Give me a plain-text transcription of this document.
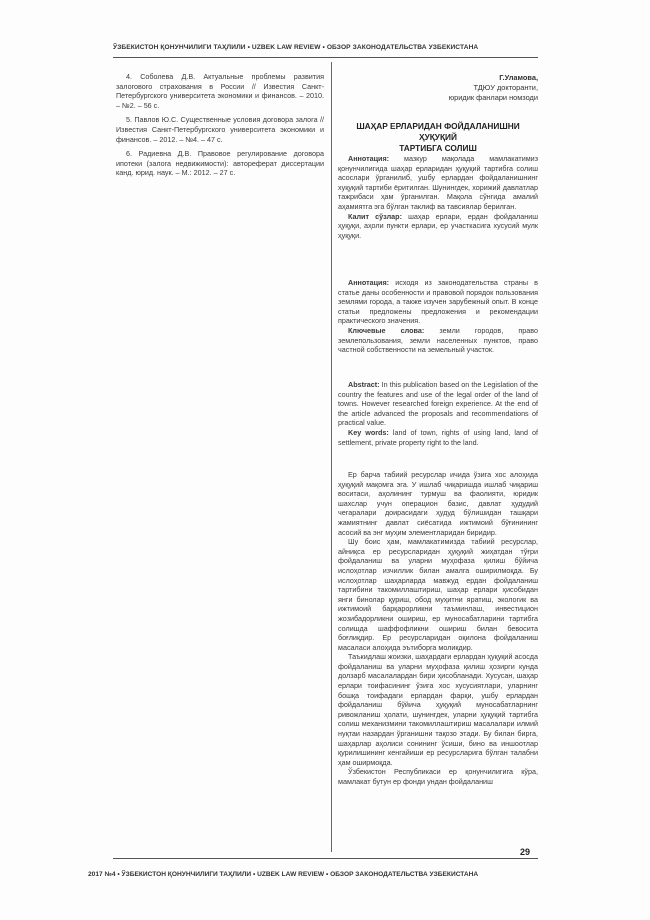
ЎЗБЕКИСТОН ҚОНУНЧИЛИГИ ТАҲЛИЛИ • UZBEK LAW REVIEW • ОБЗОР ЗАКОНОДАТЕЛЬСТВА УЗБЕКИСТАНА

4. Соболева Д.В. Актуальные проблемы развития залогового страхования в России // Известия Санкт-Петербургского университета экономики и финансов. – 2010. – №2. – 56 с.

5. Павлов Ю.С. Существенные условия договора залога // Известия Санкт-Петербургского университета экономики и финансов. – 2012. – №4. – 47 с.

6. Радиевна Д.В. Правовое регулирование договора ипотеки (залога недвижимости): автореферат диссертации канд. юрид. наук. – М.: 2012. – 27 с.

Г.Уламова,
ТДЮУ докторанти,
юридик фанлари номзоди
ШАҲАР ЕРЛАРИДАН ФОЙДАЛАНИШНИ ҲУҚУҚИЙ
ТАРТИБГА СОЛИШ

Аннотация: мазкур мақолада мамлакатимиз қонунчилигида шаҳар ерларидан ҳуқуқий тартибга солиш асослари ўрганилиб, ушбу ерлардан фойдаланишнинг хуқуқий тартиби ёритилган. Шунингдек, хорижий давлатлар тажрибаси ҳам ўрганилган. Мақола сўнгида амалий аҳамиятга эга бўлган таклиф ва тавсиялар берилган.

Калит сўзлар: шаҳар ерлари, ердан фойдаланиш ҳуқуқи, аҳоли пункти ерлари, ер участкасига хусусий мулк ҳуқуқи.

Аннотация: исходя из законодательства страны в статье даны особенности и правовой порядок пользования землями города, а также изучен зарубежный опыт. В конце статьи предложены предложения и рекомендации практического значения.

Ключевые слова: земли городов, право землепользования, земли населенных пунктов, право частной собственности на земельный участок.

Abstract: In this publication based on the Legislation of the country the features and use of the legal order of the land of towns. However researched foreign experience. At the end of the article advanced the proposals and recommendations of practical value.

Key words: land of town, rights of using land, land of settlement, private property right to the land.

Ер барча табиий ресурслар ичида ўзига хос алоҳида ҳуқуқий мақомга эга. У ишлаб чиқаришда ишлаб чиқариш воситаси, аҳолининг турмуш ва фаолияти, юридик шахслар учун операцион базис, давлат ҳудудий чегаралари доирасидаги ҳудуд бўлишидан ташқари жамиятнинг давлат сиёсатида ижтимоий бўғинининг асосий ва энг муҳим элементларидан биридир.

Шу боис ҳам, мамлакатимизда табиий ресурслар, айниқса ер ресурсларидан ҳуқуқий жиҳатдан тўғри фойдаланиш ва уларни муҳофаза қилиш бўйича ислоҳотлар изчиллик билан амалга оширилмоқда. Бу ислоҳотлар шаҳарларда мавжуд ердан фойдаланиш тартибини такомиллаштириш, шаҳар ерлари ҳисобидан янги бинолар қуриш, обод муҳитни яратиш, экологик ва ижтимоий барқарорликни таъминлаш, инвестицион жозибадорликни ошириш, ер муносабатларини тартибга солишда шаффофликни ошириш билан бевосита боғлиқдир. Ер ресурсларидан оқилона фойдаланиш масаласи алоҳида эътиборга моликдир.

Таъкидлаш жоизки, шаҳардаги ерлардан ҳуқуқий асосда фойдаланиш ва уларни муҳофаза қилиш ҳозирги кунда долзарб масалалардан бири ҳисобланади. Хусусан, шаҳар ерлари тоифасининг ўзига хос хусусиятлари, уларнинг бошқа тоифадаги ерлардан фарқи, ушбу ерлардан фойдаланиш бўйича ҳуқуқий муносабатларнинг ривожланиш ҳолати, шунингдек, уларни ҳуқуқий тартибга солиш механизмини такомиллаштириш масалалари илмий нуқтаи назардан ўрганишни тақозо этади. Бу билан бирга, шаҳарлар аҳолиси сонининг ўсиши, бино ва иншоотлар қурилишининг кенгайиши ер ресурсларига бўлган талабни ҳам оширмоқда.

Ўзбекистон Республикаси ер қонунчилигига кўра, мамлакат бутун ер фонди ундан фойдаланиш

29
2017 №4 • ЎЗБЕКИСТОН ҚОНУНЧИЛИГИ ТАҲЛИЛИ • UZBEK LAW REVIEW • ОБЗОР ЗАКОНОДАТЕЛЬСТВА УЗБЕКИСТАНА
